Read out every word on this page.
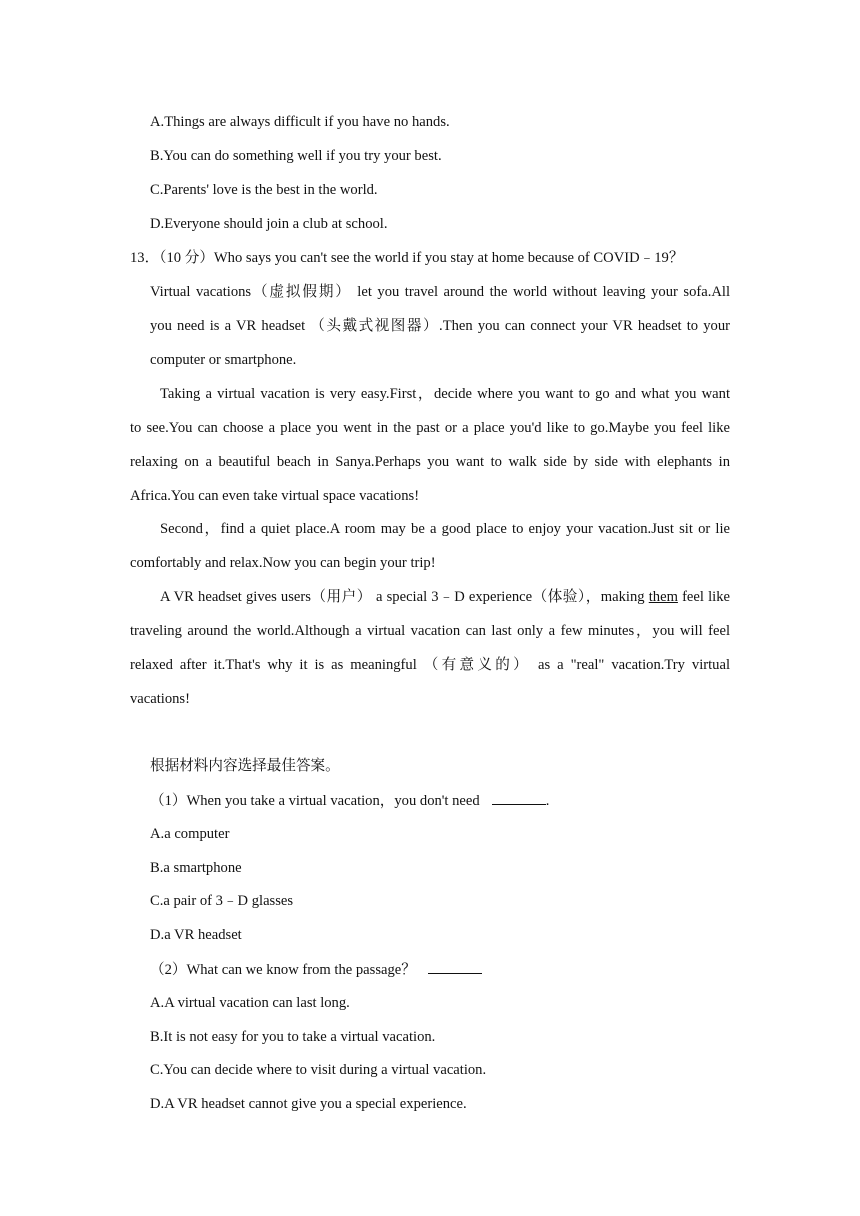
A.Things are always difficult if you have no hands.
B.You can do something well if you try your best.
C.Parents' love is the best in the world.
D.Everyone should join a club at school.
13．（10 分）Who says you can't see the world if you stay at home because of COVID﹣19？
Virtual vacations（虚拟假期） let you travel around the world without leaving your sofa.All
you need is a VR headset （头戴式视图器）.Then you can connect your VR headset to your
computer or smartphone.
Taking a virtual vacation is very easy.First，decide where you want to go and what you want
to see.You can choose a place you went in the past or a place you'd like to go.Maybe you feel like
relaxing on a beautiful beach in Sanya.Perhaps you want to walk side by side with elephants in
Africa.You can even take virtual space vacations!
Second，find a quiet place.A room may be a good place to enjoy your vacation.Just sit or lie
comfortably and relax.Now you can begin your trip!
A VR headset gives users（用户） a special 3﹣D experience（体验），making them feel like
traveling around the world.Although a virtual vacation can last only a few minutes，you will feel
relaxed after it.That's why it is as meaningful （有意义的） as a "real" vacation.Try virtual
vacations!
根据材料内容选择最佳答案。
（1）When you take a virtual vacation，you don't need	.
A.a computer
B.a smartphone
C.a pair of 3﹣D glasses
D.a VR headset
（2）What can we know from the passage？
A.A virtual vacation can last long.
B.It is not easy for you to take a virtual vacation.
C.You can decide where to visit during a virtual vacation.
D.A VR headset cannot give you a special experience.
